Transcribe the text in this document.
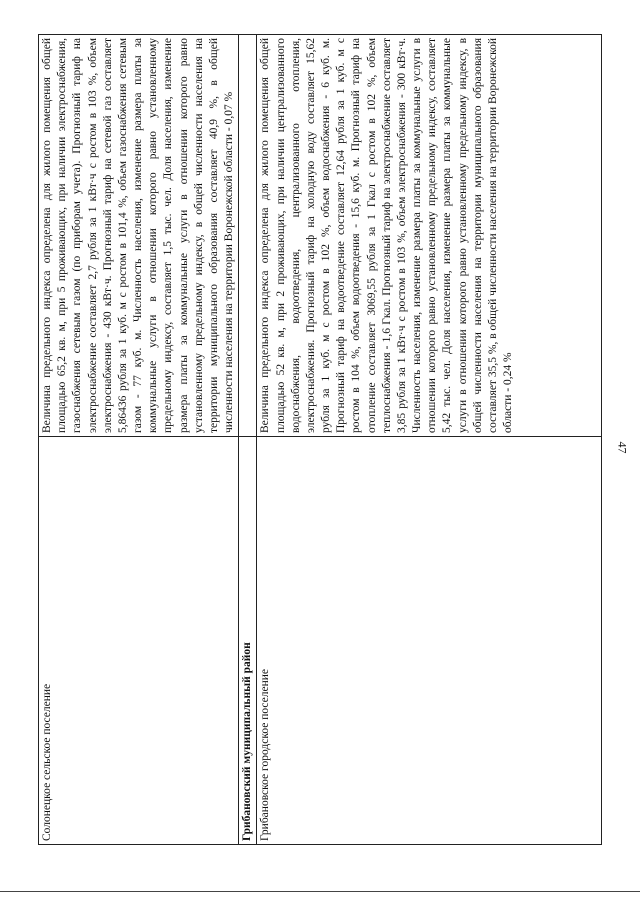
47
Солонецкое сельское поселение	Величина предельного индекса определена для жилого помещения общей площадью 65,2 кв. м, при 5 проживающих, при наличии электроснабжения, газоснабжения сетевым газом (по приборам учета). Прогнозный тариф на электроснабжение составляет 2,7 рубля за 1 кВт·ч с ростом в 103 %, объем электроснабжения - 430 кВт·ч. Прогнозный тариф на сетевой газ составляет 5,86436 рубля за 1 куб. м с ростом в 101,4 %, объем газоснабжения сетевым газом - 77 куб. м. Численность населения, изменение размера платы за коммунальные услуги в отношении которого равно установленному предельному индексу, составляет 1,5 тыс. чел. Доля населения, изменение размера платы за коммунальные услуги в отношении которого равно установленному предельному индексу, в общей численности населения на территории муниципального образования составляет 40,9 %, в общей численности населения на территории Воронежской области - 0,07 %
Грибановский муниципальный район	
Грибановское городское поселение	Величина предельного индекса определена для жилого помещения общей площадью 52 кв. м, при 2 проживающих, при наличии централизованного водоснабжения, водоотведения, централизованного отопления, электроснабжения. Прогнозный тариф на холодную воду составляет 15,62 рубля за 1 куб. м с ростом в 102 %, объем водоснабжения - 6 куб. м. Прогнозный тариф на водоотведение составляет 12,64 рубля за 1 куб. м с ростом в 104 %, объем водоотведения - 15,6 куб. м. Прогнозный тариф на отопление составляет 3069,55 рубля за 1 Гкал с ростом в 102 %, объем теплоснабжения - 1,6 Гкал. Прогнозный тариф на электроснабжение составляет 3,85 рубля за 1 кВт·ч с ростом в 103 %, объем электроснабжения - 300 кВт·ч. Численность населения, изменение размера платы за коммунальные услуги в отношении которого равно установленному предельному индексу, составляет 5,42 тыс. чел. Доля населения, изменение размера платы за коммунальные услуги в отношении которого равно установленному предельному индексу, в общей численности населения на территории муниципального образования составляет 35,5 %, в общей численности населения на территории Воронежской области - 0,24 %
